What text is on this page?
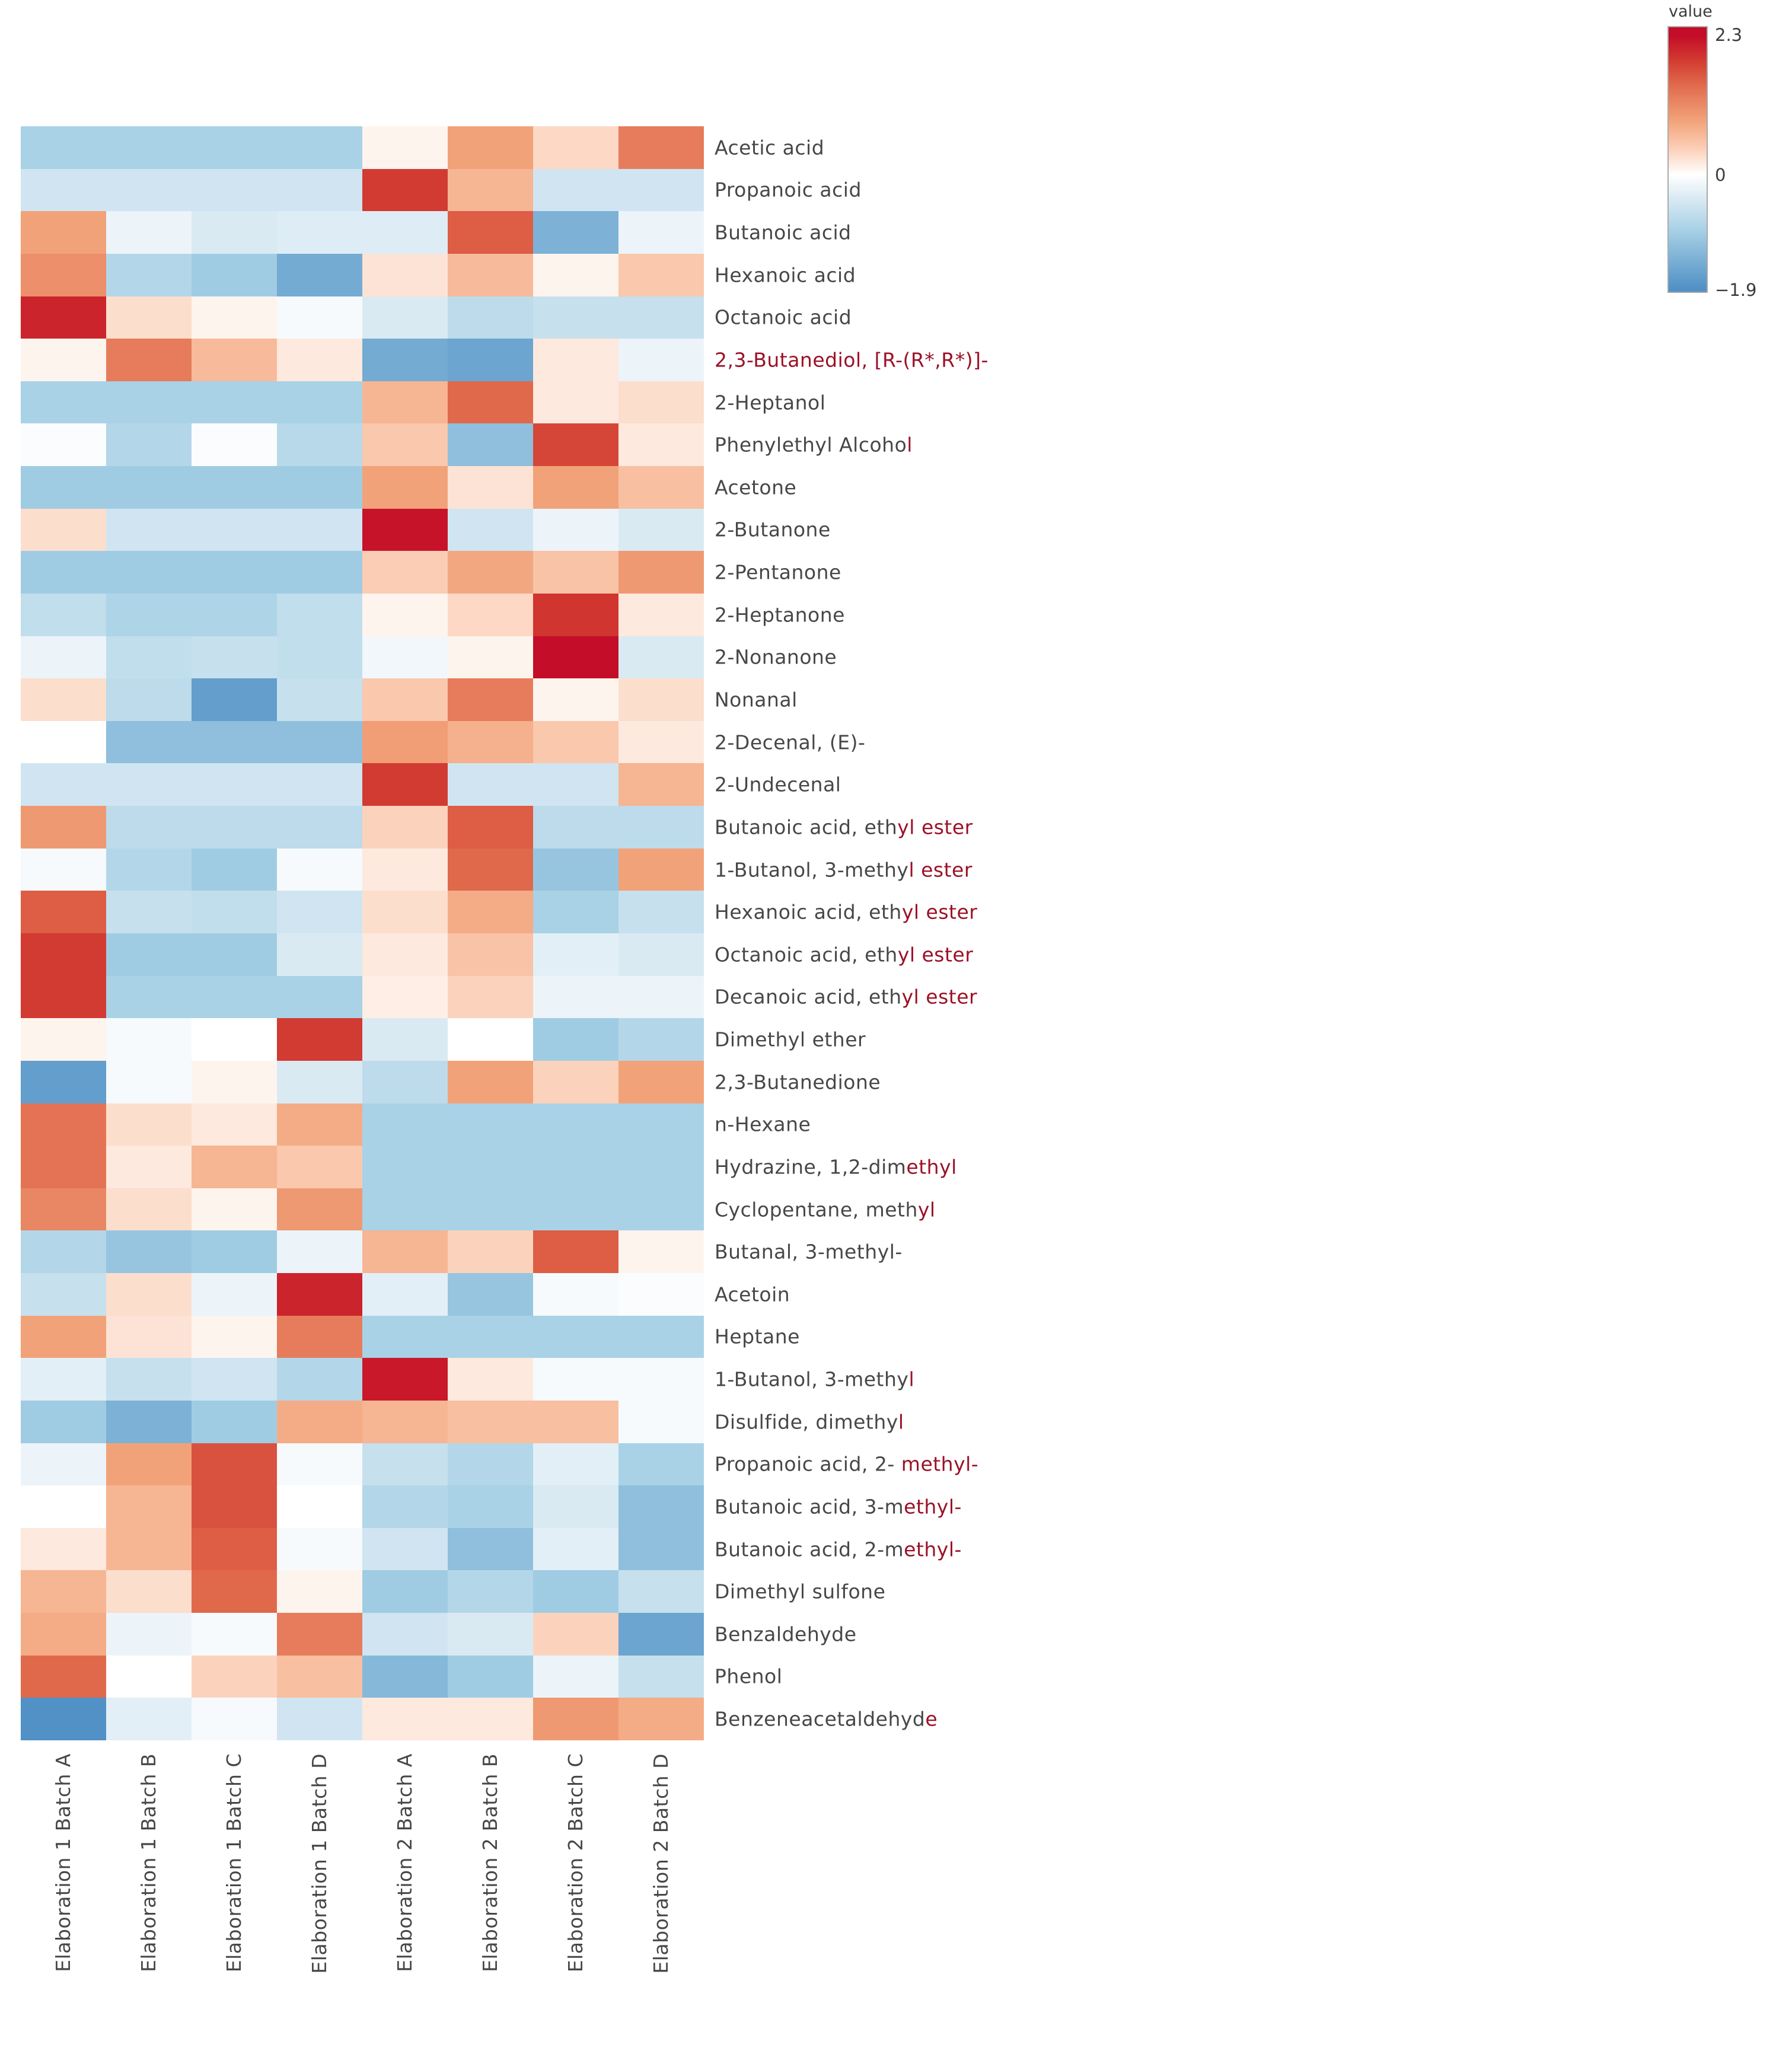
Acetic acid
Propanoic acid
Butanoic acid
Hexanoic acid
Octanoic acid
2,3-Butanediol, [R-(R*,R*)]-
2-Heptanol
Phenylethyl Alcohol
Acetone
2-Butanone
2-Pentanone
2-Heptanone
2-Nonanone
Nonanal
2-Decenal, (E)-
2-Undecenal
Butanoic acid, ethyl ester
1-Butanol, 3-methyl ester
Hexanoic acid, ethyl ester
Octanoic acid, ethyl ester
Decanoic acid, ethyl ester
Dimethyl ether
2,3-Butanedione
n-Hexane
Hydrazine, 1,2-dimethyl
Cyclopentane, methyl
Butanal, 3-methyl-
Acetoin
Heptane
1-Butanol, 3-methyl
Disulfide, dimethyl
Propanoic acid, 2- methyl-
Butanoic acid, 3-methyl-
Butanoic acid, 2-methyl-
Dimethyl sulfone
Benzaldehyde
Phenol
Benzeneacetaldehyde
Elaboration 1 Batch A	Elaboration 1 Batch B	Elaboration 1 Batch C	Elaboration 1 Batch D	Elaboration 2 Batch A	Elaboration 2 Batch B	Elaboration 2 Batch C	Elaboration 2 Batch D
value
2.3
0
−1.9
